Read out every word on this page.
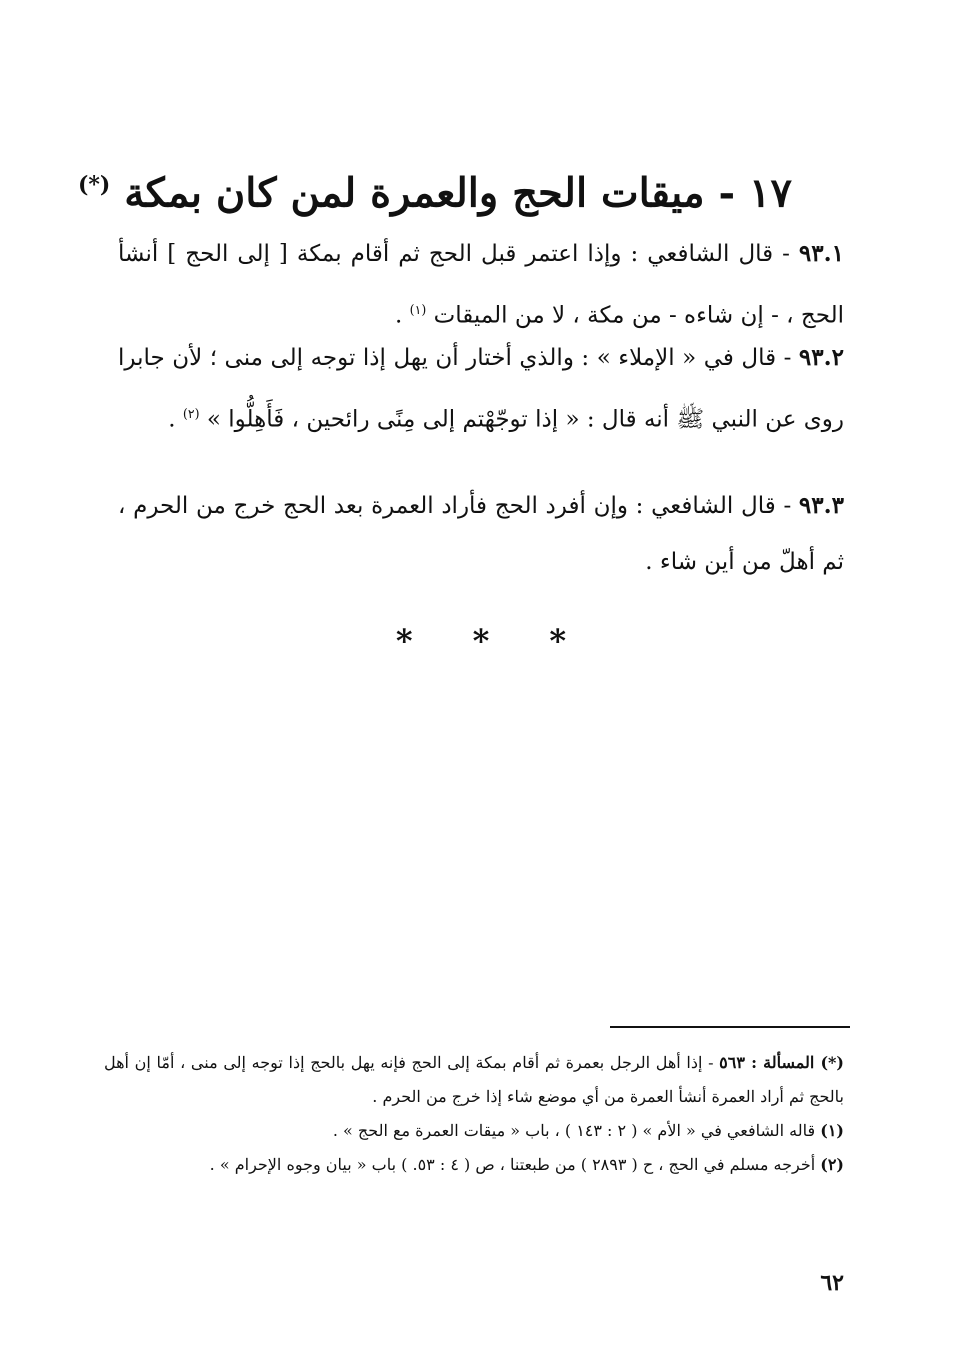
١٧ - ميقات الحج والعمرة لمن كان بمكة (*)
٩٣.١ - قال الشافعي : وإذا اعتمر قبل الحج ثم أقام بمكة [ إلى الحج ] أنشأ الحج ، - إن شاءه - من مكة ، لا من الميقات $^{(١)}$ .
٩٣.٢ - قال في « الإملاء » : والذي أختار أن يهل إذا توجه إلى منى ؛ لأن جابرا روى عن النبي ﷺ أنه قال : « إذا توجّهْتم إلى مِنًى رائحين ، فَأَهِلُّوا » $^{(٢)}$ .
٩٣.٣ - قال الشافعي : وإن أفرد الحج فأراد العمرة بعد الحج خرج من الحرم ، ثم أهلّ من أين شاء .
* * *

(*) المسألة : ٥٦٣ - إذا أهل الرجل بعمرة ثم أقام بمكة إلى الحج فإنه يهل بالحج إذا توجه إلى منى ، أمّا إن أهل بالحج ثم أراد العمرة أنشأ العمرة من أي موضع شاء إذا خرج من الحرم .

(١) قاله الشافعي في « الأم » ( ٢ : ١٤٣ ) ، باب « ميقات العمرة مع الحج » .

(٢) أخرجه مسلم في الحج ، ح ( ٢٨٩٣ ) من طبعتنا ، ص ( ٤ : ٥٣. ) باب « بيان وجوه الإحرام » .

٦٢
